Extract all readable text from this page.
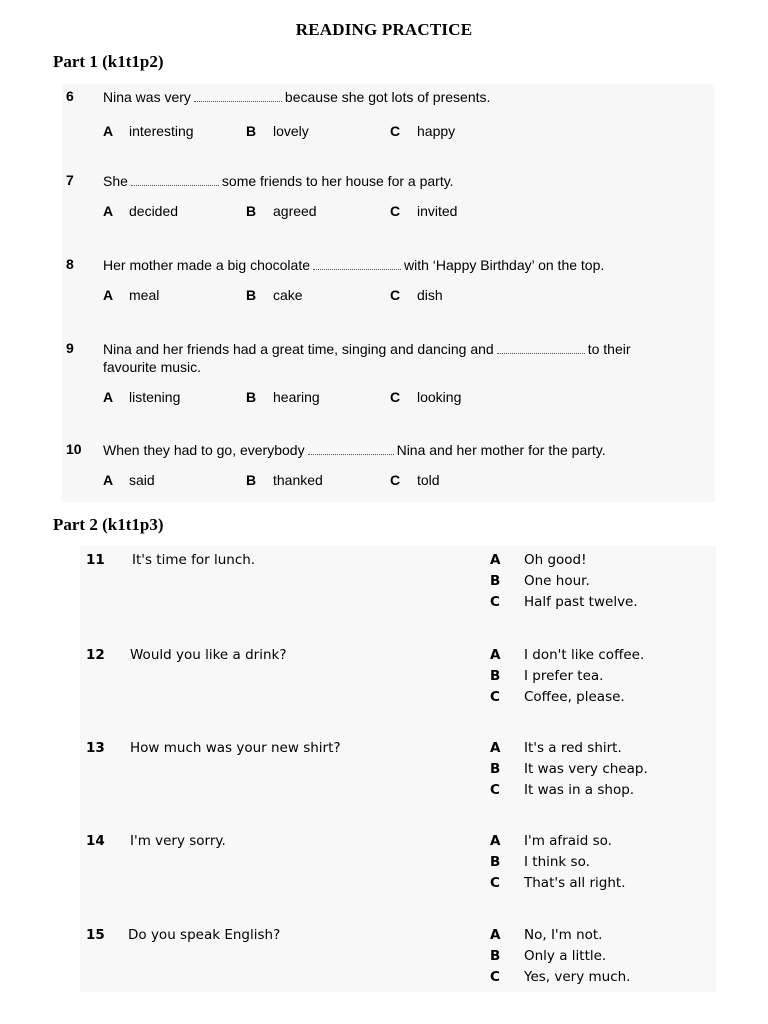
READING PRACTICE
Part 1 (k1t1p2)
6 Nina was very	because she got lots of presents.
A interesting	B lovely	C happy
7 She	some friends to her house for a party.
A decided	B agreed	C invited
8 Her mother made a big chocolate	with ‘Happy Birthday’ on the top.
A meal	B cake	C dish
9 Nina and her friends had a great time, singing and dancing and	to their
favourite music.
A listening	B hearing	C looking
10 When they had to go, everybody	Nina and her mother for the party.
A said	B thanked	C told
Part 2 (k1t1p3)
11 It's time for lunch.	A Oh good!
B One hour.
C Half past twelve.
12 Would you like a drink?	A I don't like coffee.
B I prefer tea.
C Coffee, please.
13 How much was your new shirt?	A It's a red shirt.
B It was very cheap.
C It was in a shop.
14 I'm very sorry.	A I'm afraid so.
B I think so.
C That's all right.
15 Do you speak English?	A No, I'm not.
B Only a little.
C Yes, very much.
